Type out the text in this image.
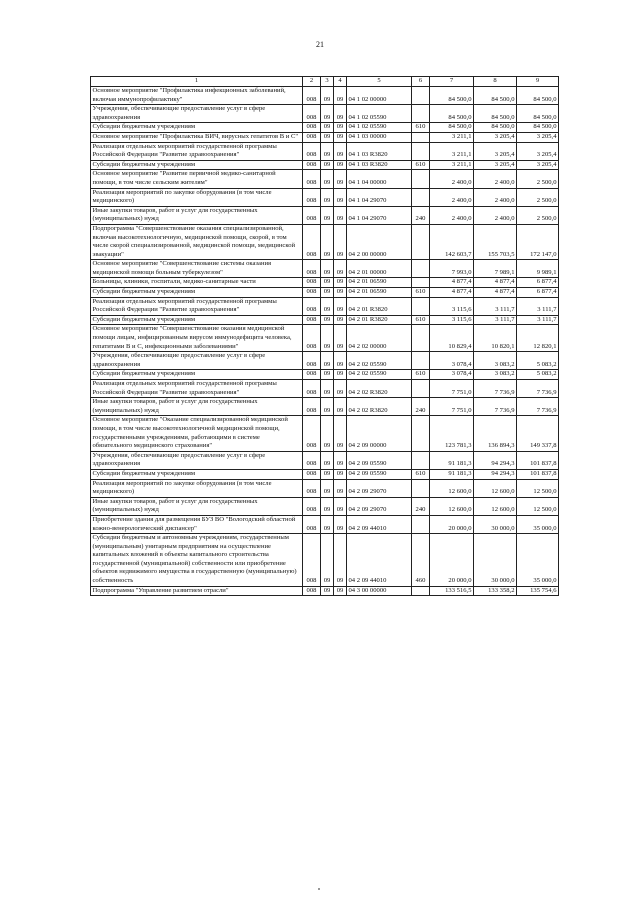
21
1	2	3	4	5	6	7	8	9
Основное мероприятие "Профилактика инфекционных заболеваний, включая иммунопрофилактику"	008	09	09	04 1 02 00000		84 500,0	84 500,0	84 500,0
Учреждения, обеспечивающие предоставление услуг в сфере здравоохранения	008	09	09	04 1 02 05590		84 500,0	84 500,0	84 500,0
Субсидии бюджетным учреждениям	008	09	09	04 1 02 05590	610	84 500,0	84 500,0	84 500,0
Основное мероприятие "Профилактика ВИЧ, вирусных гепатитов В и С"	008	09	09	04 1 03 00000		3 211,1	3 205,4	3 205,4
Реализация отдельных мероприятий государственной программы Российской Федерации "Развитие здравоохранения"	008	09	09	04 1 03 R3820		3 211,1	3 205,4	3 205,4
Субсидии бюджетным учреждениям	008	09	09	04 1 03 R3820	610	3 211,1	3 205,4	3 205,4
Основное мероприятие "Развитие первичной медико-санитарной помощи, в том числе сельским жителям"	008	09	09	04 1 04 00000		2 400,0	2 400,0	2 500,0
Реализация мероприятий по закупке оборудования (в том числе медицинского)	008	09	09	04 1 04 29070		2 400,0	2 400,0	2 500,0
Иные закупки товаров, работ и услуг для государственных (муниципальных) нужд	008	09	09	04 1 04 29070	240	2 400,0	2 400,0	2 500,0
Подпрограмма "Совершенствование оказания специализированной, включая высокотехнологичную, медицинской помощи, скорой, в том числе скорой специализированной, медицинской помощи, медицинской эвакуации"	008	09	09	04 2 00 00000		142 603,7	155 703,5	172 147,0
Основное мероприятие "Совершенствование системы оказания медицинской помощи больным туберкулезом"	008	09	09	04 2 01 00000		7 993,0	7 989,1	9 989,1
Больницы, клиники, госпитали, медико-санитарные части	008	09	09	04 2 01 06590		4 877,4	4 877,4	6 877,4
Субсидии бюджетным учреждениям	008	09	09	04 2 01 06590	610	4 877,4	4 877,4	6 877,4
Реализация отдельных мероприятий государственной программы Российской Федерации "Развитие здравоохранения"	008	09	09	04 2 01 R3820		3 115,6	3 111,7	3 111,7
Субсидии бюджетным учреждениям	008	09	09	04 2 01 R3820	610	3 115,6	3 111,7	3 111,7
Основное мероприятие "Совершенствование оказания медицинской помощи лицам, инфицированным вирусом иммунодефицита человека, гепатитами В и С, инфекционными заболеваниями"	008	09	09	04 2 02 00000		10 829,4	10 820,1	12 820,1
Учреждения, обеспечивающие предоставление услуг в сфере здравоохранения	008	09	09	04 2 02 05590		3 078,4	3 083,2	5 083,2
Субсидии бюджетным учреждениям	008	09	09	04 2 02 05590	610	3 078,4	3 083,2	5 083,2
Реализация отдельных мероприятий государственной программы Российской Федерации "Развитие здравоохранения"	008	09	09	04 2 02 R3820		7 751,0	7 736,9	7 736,9
Иные закупки товаров, работ и услуг для государственных (муниципальных) нужд	008	09	09	04 2 02 R3820	240	7 751,0	7 736,9	7 736,9
Основное мероприятие "Оказание специализированной медицинской помощи, в том числе высокотехнологичной медицинской помощи, государственными учреждениями, работающими в системе обязательного медицинского страхования"	008	09	09	04 2 09 00000		123 781,3	136 894,3	149 337,8
Учреждения, обеспечивающие предоставление услуг в сфере здравоохранения	008	09	09	04 2 09 05590		91 181,3	94 294,3	101 837,8
Субсидии бюджетным учреждениям	008	09	09	04 2 09 05590	610	91 181,3	94 294,3	101 837,8
Реализация мероприятий по закупке оборудования (в том числе медицинского)	008	09	09	04 2 09 29070		12 600,0	12 600,0	12 500,0
Иные закупки товаров, работ и услуг для государственных (муниципальных) нужд	008	09	09	04 2 09 29070	240	12 600,0	12 600,0	12 500,0
Приобретение здания для размещения БУЗ ВО "Вологодский областной кожно-венерологический диспансер"	008	09	09	04 2 09 44010		20 000,0	30 000,0	35 000,0
Субсидии бюджетным и автономным учреждениям, государственным (муниципальным) унитарным предприятиям на осуществление капитальных вложений в объекты капитального строительства государственной (муниципальной) собственности или приобретение объектов недвижимого имущества в государственную (муниципальную) собственность	008	09	09	04 2 09 44010	460	20 000,0	30 000,0	35 000,0
Подпрограмма "Управление развитием отрасли"	008	09	09	04 3 00 00000		133 516,5	133 358,2	135 754,6
